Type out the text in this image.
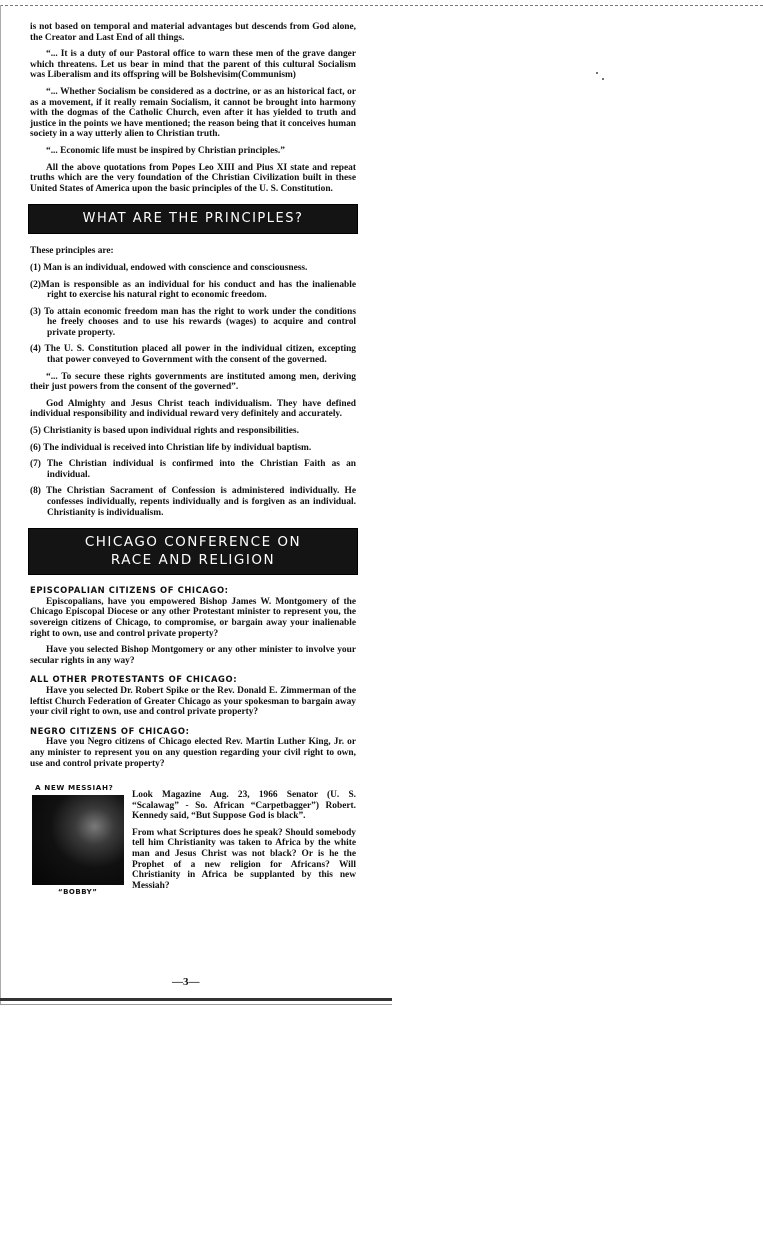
is not based on temporal and material advantages but descends from God alone, the Creator and Last End of all things.

“... It is a duty of our Pastoral office to warn these men of the grave danger which threatens. Let us bear in mind that the parent of this cultural Socialism was Liberalism and its offspring will be Bolshevisim(Communism)

“... Whether Socialism be considered as a doctrine, or as an historical fact, or as a movement, if it really remain Socialism, it cannot be brought into harmony with the dogmas of the Catholic Church, even after it has yielded to truth and justice in the points we have mentioned; the reason being that it conceives human society in a way utterly alien to Christian truth.

“... Economic life must be inspired by Christian principles.”

All the above quotations from Popes Leo XIII and Pius XI state and repeat truths which are the very foundation of the Christian Civilization built in these United States of America upon the basic principles of the U. S. Constitution.

WHAT ARE THE PRINCIPLES?

These principles are:

(1) Man is an individual, endowed with conscience and consciousness.

(2)Man is responsible as an individual for his conduct and has the inalienable right to exercise his natural right to economic freedom.

(3) To attain economic freedom man has the right to work under the conditions he freely chooses and to use his rewards (wages) to acquire and control private property.

(4) The U. S. Constitution placed all power in the individual citizen, excepting that power conveyed to Government with the consent of the governed.

“... To secure these rights governments are instituted among men, deriving their just powers from the consent of the governed”.

God Almighty and Jesus Christ teach individualism. They have defined individual responsibility and individual reward very definitely and accurately.

(5) Christianity is based upon individual rights and responsibilities.

(6) The individual is received into Christian life by individual baptism.

(7) The Christian individual is confirmed into the Christian Faith as an individual.

(8) The Christian Sacrament of Confession is administered individually. He confesses individually, repents individually and is forgiven as an individual. Christianity is individualism.

CHICAGO CONFERENCE ON
RACE AND RELIGION
EPISCOPALIAN CITIZENS OF CHICAGO:

Episcopalians, have you empowered Bishop James W. Montgomery of the Chicago Episcopal Diocese or any other Protestant minister to represent you, the sovereign citizens of Chicago, to compromise, or bargain away your inalienable right to own, use and control private property?

Have you selected Bishop Montgomery or any other minister to involve your secular rights in any way?

ALL OTHER PROTESTANTS OF CHICAGO:

Have you selected Dr. Robert Spike or the Rev. Donald E. Zimmerman of the leftist Church Federation of Greater Chicago as your spokesman to bargain away your civil right to own, use and control private property?

NEGRO CITIZENS OF CHICAGO:

Have you Negro citizens of Chicago elected Rev. Martin Luther King, Jr. or any minister to represent you on any question regarding your civil right to own, use and control private property?

A NEW MESSIAH?
“BOBBY”

Look Magazine Aug. 23, 1966 Senator (U. S. “Scalawag” - So. African “Carpetbagger”) Robert. Kennedy said, “But Suppose God is black”.

From what Scriptures does he speak? Should somebody tell him Christianity was taken to Africa by the white man and Jesus Christ was not black? Or is he the Prophet of a new religion for Africans? Will Christianity in Africa be supplanted by this new Messiah?

—3—
